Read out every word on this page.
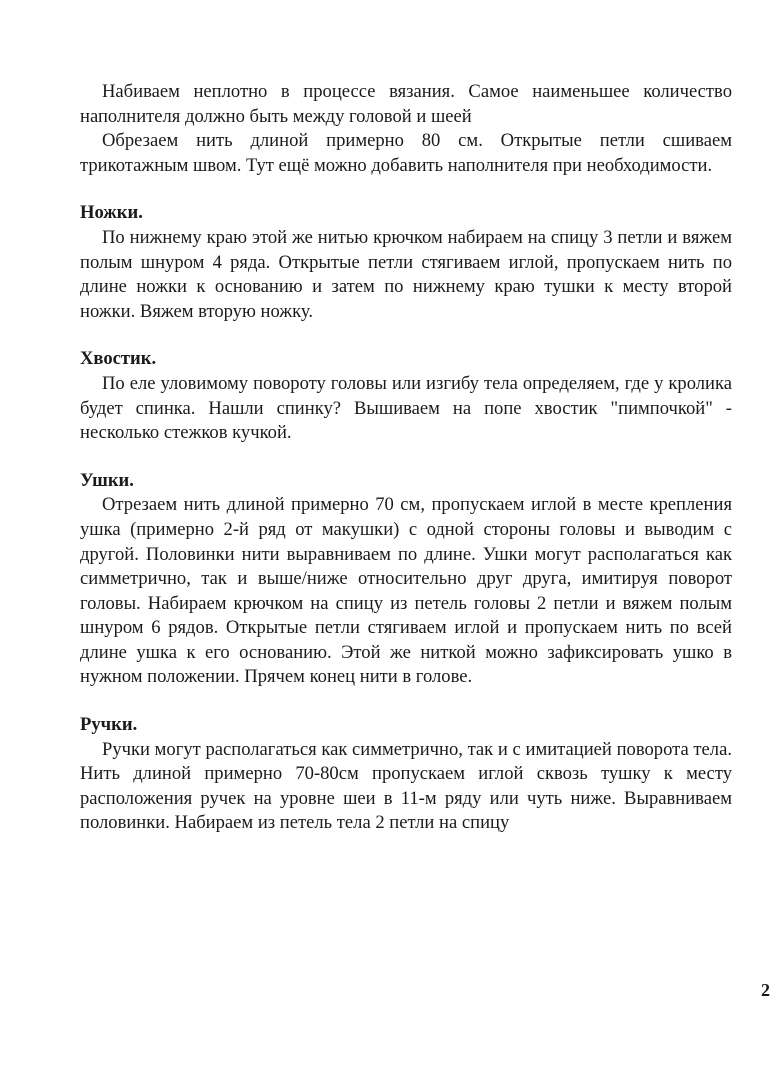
Набиваем неплотно в процессе вязания. Самое наименьшее количество наполнителя должно быть между головой и шеей

Обрезаем нить длиной примерно 80 см. Открытые петли сшиваем трикотажным швом. Тут ещё можно добавить наполнителя при необходимости.

Ножки.

По нижнему краю этой же нитью крючком набираем на спицу 3 петли и вяжем полым шнуром 4 ряда. Открытые петли стягиваем иглой, пропускаем нить по длине ножки к основанию и затем по нижнему краю тушки к месту второй ножки. Вяжем вторую ножку.

Хвостик.

По еле уловимому повороту головы или изгибу тела определяем, где у кролика будет спинка. Нашли спинку? Вышиваем на попе хвостик "пимпочкой" - несколько стежков кучкой.

Ушки.

Отрезаем нить длиной примерно 70 см, пропускаем иглой в месте крепления ушка (примерно 2-й ряд от макушки) с одной стороны головы и выводим с другой. Половинки нити выравниваем по длине. Ушки могут располагаться как симметрично, так и выше/ниже относительно друг друга, имитируя поворот головы. Набираем крючком на спицу из петель головы 2 петли и вяжем полым шнуром 6 рядов. Открытые петли стягиваем иглой и пропускаем нить по всей длине ушка к его основанию. Этой же ниткой можно зафиксировать ушко в нужном положении. Прячем конец нити в голове.

Ручки.

Ручки могут располагаться как симметрично, так и с имитацией поворота тела. Нить длиной примерно 70-80см пропускаем иглой сквозь тушку к месту расположения ручек на уровне шеи в 11-м ряду или чуть ниже. Выравниваем половинки. Набираем из петель тела 2 петли на спицу

2
